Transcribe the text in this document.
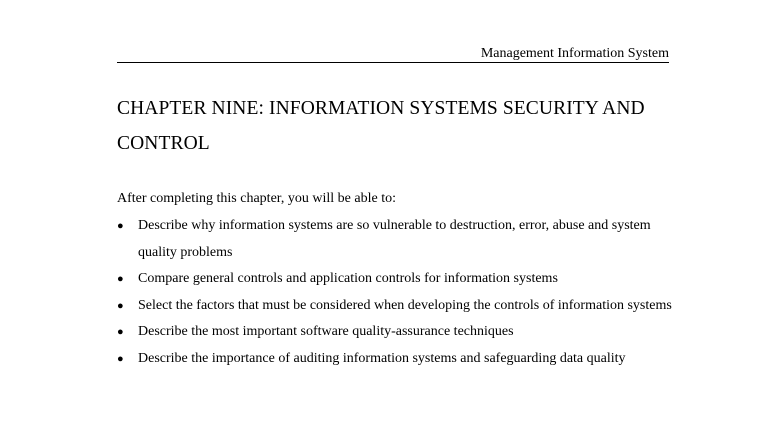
Management Information System
CHAPTER NINE: INFORMATION SYSTEMS SECURITY AND CONTROL
After completing this chapter, you will be able to:
● Describe why information systems are so vulnerable to destruction, error, abuse and system quality problems
● Compare general controls and application controls for information systems
● Select the factors that must be considered when developing the controls of information systems
● Describe the most important software quality-assurance techniques
● Describe the importance of auditing information systems and safeguarding data quality
